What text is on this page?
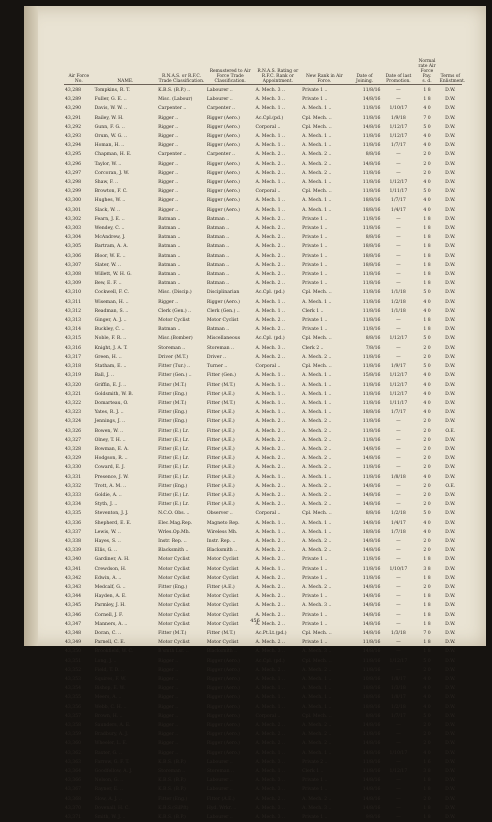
Air Force No.	NAME.	R.N.A.S. or R.F.C. Trade Classification.	Remustered to Air Force Trade Classification.	R.N.A.S. Rating or R.F.C. Rank or Appointment.	New Rank in Air Force.	Date of Joining.	Date of last Promotion.	Normal rate Air Force Pay.
s. d.	Terms of Enlistment.
43,288	Tompkins, R. T.	K.B.S. (B.P.) ..	Labourer ..	A. Mech. 3 ..	Private 1 ..	11/8/16	—	1 8	D.W.
43,289	Fuller, G. E. ..	Misc. (Labour)	Labourer ..	A. Mech. 3 ..	Private 1 ..	14/8/16	—	1 8	D.W.
43,290	Davis, W. W. ..	Carpenter ..	Carpenter ..	A. Mech. 1 ..	A. Mech. 1 ..	11/8/16	1/10/17	4 0	D.W.
43,291	Bailey, W. H.	Rigger ..	Rigger (Aero.)	Ac.Cpl.(pd.)	Cpl. Mech. ..	11/8/16	1/9/18	7 0	D.W.
43,292	Gunn, F. G. ..	Rigger ..	Rigger (Aero.)	Corporal ..	Cpl. Mech. ..	14/8/16	1/12/17	5 0	D.W.
43,293	Orum, W. G. ..	Rigger ..	Rigger (Aero.)	A. Mech. 1 ..	A. Mech. 1 ..	11/8/16	1/12/17	4 0	D.W.
43,294	Homan, H. ..	Rigger ..	Rigger (Aero.)	A. Mech. 1 ..	A. Mech. 1 ..	11/8/16	1/7/17	4 0	D.W.
43,295	Chapman, H. E.	Carpenter ..	Carpenter ..	A. Mech. 2 ..	A. Mech. 2 ..	8/8/16	—	2 0	D.W.
43,296	Taylor, W. ..	Rigger ..	Rigger (Aero.)	A. Mech. 2 ..	A. Mech. 2 ..	14/8/16	—	2 0	D.W.
43,297	Corcoran, J. W.	Rigger ..	Rigger (Aero.)	A. Mech. 2 ..	A. Mech. 2 ..	11/8/16	—	2 0	D.W.
43,298	Shaw, F. ..	Rigger ..	Rigger (Aero.)	A. Mech. 1 ..	A. Mech. 1 ..	11/8/16	1/12/17	4 0	D.W.
43,299	Browton, F. C.	Rigger ..	Rigger (Aero.)	Corporal ..	Cpl. Mech. ..	11/8/16	1/11/17	5 0	D.W.
43,300	Hughes, W. ..	Rigger ..	Rigger (Aero.)	A. Mech. 1 ..	A. Mech. 1 ..	18/8/16	1/7/17	4 0	D.W.
43,301	Slack, W. ..	Rigger ..	Rigger (Aero.)	A. Mech. 1 ..	A. Mech. 1 ..	18/8/16	1/4/17	4 0	D.W.
43,302	Fearn, J. E. ..	Batman ..	Batman ..	A. Mech. 2 ..	Private 1 ..	11/8/16	—	1 8	D.W.
43,303	Wendey, C. ..	Batman ..	Batman ..	A. Mech. 2 ..	Private 1 ..	11/8/16	—	1 8	D.W.
43,304	McAndrew, J.	Batman ..	Batman ..	A. Mech. 2 ..	Private 1 ..	8/8/16	—	1 8	D.W.
43,305	Bartram, A. A.	Batman ..	Batman ..	A. Mech. 2 ..	Private 1 ..	18/8/16	—	1 8	D.W.
43,306	Bloor, W. E. ..	Batman ..	Batman ..	A. Mech. 2 ..	Private 1 ..	18/8/16	—	1 8	D.W.
43,307	Slater, W. ..	Batman ..	Batman ..	A. Mech. 2 ..	Private 1 ..	18/8/16	—	1 8	D.W.
43,308	Willett, W. H. G.	Batman ..	Batman ..	A. Mech. 2 ..	Private 1 ..	11/8/16	—	1 8	D.W.
43,309	Bew, E. F. ..	Batman ..	Batman ..	A. Mech. 2 ..	Private 1 ..	11/8/16	—	1 8	D.W.
43,310	Cockwell, F. C.	Misc. (Discip.)	Disciplinarian	Ac.Cpl. (pd.)	Cpl. Mech. ..	11/8/16	1/1/18	5 0	D.W.
43,311	Wiseman, H. ..	Rigger ..	Rigger (Aero.)	A. Mech. 1 ..	A. Mech. 1 ..	11/8/16	1/2/18	4 0	D.W.
43,312	Readman, S. ..	Clerk (Gen.) ..	Clerk (Gen.) ..	A. Mech. 1 ..	Clerk 1 ..	11/8/16	1/1/18	4 0	D.W.
43,313	Ginger, A. J. ..	Motor Cyclist	Motor Cyclist	A. Mech. 2 ..	Private 1 ..	11/8/16	—	1 8	D.W.
43,314	Buckley, C. ..	Batman ..	Batman ..	A. Mech. 2 ..	Private 1 ..	11/8/16	—	1 8	D.W.
43,315	Noble, F. R. ..	Misc.(Bomber)	Miscellaneous	Ac.Cpl. (pd.)	Cpl. Mech. ..	8/8/16	1/12/17	5 0	D.W.
43,316	Knight, J. A. T.	Storeman ..	Storeman ..	A. Mech. 3 ..	Clerk 2 ..	7/8/16	—	2 0	D.W.
43,317	Green, H. ..	Driver (M.T.)	Driver ..	A. Mech. 2 ..	A. Mech. 2 ..	11/8/16	—	2 0	D.W.
43,318	Statham, E. ..	Fitter (Tur.) ..	Turner ..	Corporal ..	Cpl. Mech. ..	11/8/16	1/9/17	5 0	D.W.
43,319	Ball, J. ..	Fitter (Gen.) ..	Fitter (Gen.)	A. Mech. 1 ..	A. Mech. 1 ..	15/8/16	1/12/17	4 0	D.W.
43,320	Griffin, E. J. ..	Fitter (M.T.)	Fitter (M.T.)	A. Mech. 1 ..	A. Mech. 1 ..	11/8/16	1/12/17	4 0	D.W.
43,321	Goldsmith, W. B.	Fitter (Eng.)	Fitter (A.E.)	A. Mech. 1 ..	A. Mech. 1 ..	11/8/16	1/12/17	4 0	D.W.
43,322	Domarteau, O.	Fitter (M.T.)	Fitter (M.T.)	A. Mech. 1 ..	A. Mech. 1 ..	11/8/16	1/11/17	4 0	D.W.
43,323	Yates, R. J. ..	Fitter (Eng.)	Fitter (A.E.)	A. Mech. 1 ..	A. Mech. 1 ..	18/8/16	1/7/17	4 0	D.W.
43,324	Jennings, J. ..	Fitter (Eng.)	Fitter (A.E.)	A. Mech. 2 ..	A. Mech. 2 ..	11/8/16	—	2 0	D.W.
43,326	Bowen, W. ..	Fitter (E.) Lr.	Fitter (A.E.)	A. Mech. 2 ..	A. Mech. 2 ..	11/8/16	—	2 0	O.E.
43,327	Olney, T. H. ..	Fitter (E.) Lr.	Fitter (A.E.)	A. Mech. 2 ..	A. Mech. 2 ..	11/8/16	—	2 0	D.W.
43,328	Bowman, E. A.	Fitter (E.) Lr.	Fitter (A.E.)	A. Mech. 2 ..	A. Mech. 2 ..	14/8/16	—	2 0	D.W.
43,329	Hodgson, R. ..	Fitter (E.) Lr.	Fitter (A.E.)	A. Mech. 2 ..	A. Mech. 2 ..	14/8/16	—	2 0	D.W.
43,330	Coward, E. J.	Fitter (E.) Lr.	Fitter (A.E.)	A. Mech. 2 ..	A. Mech. 2 ..	11/8/16	—	2 0	D.W.
43,331	Presence, J. W.	Fitter (E.) Lr.	Fitter (A.E.)	A. Mech. 1 ..	A. Mech. 1 ..	11/8/16	1/8/18	4 0	D.W.
43,332	Trott, A. M. ..	Fitter (Eng.)	Fitter (A.E.)	A. Mech. 2 ..	A. Mech. 2 ..	14/8/16	—	2 0	O.E.
43,333	Goldie, A. ..	Fitter (E.) Lr.	Fitter (A.E.)	A. Mech. 2 ..	A. Mech. 2 ..	14/8/16	—	2 0	D.W.
43,334	Styth, J. ..	Fitter (E.) Lr.	Fitter (A.E.)	A. Mech. 2 ..	A. Mech. 2 ..	14/8/16	—	2 0	D.W.
43,335	Steventon, J. J.	N.C.O. Obs. ..	Observer ..	Corporal ..	Cpl. Mech. ..	8/8/16	1/2/18	5 0	D.W.
43,336	Shepherd, E. E.	Elec.Mag.Rep.	Magneto Rep.	A. Mech. 1 ..	A. Mech. 1 ..	14/8/16	1/4/17	4 0	D.W.
43,337	Lewis, W. ..	Wrles.Op.Mh.	Wireless Mh.	A. Mech. 1 ..	A. Mech. 1 ..	18/8/16	1/7/18	4 0	D.W.
43,338	Hayes, S. ..	Instr. Rep. ..	Instr. Rep. ..	A. Mech. 2 ..	A. Mech. 2 ..	14/8/16	—	2 0	D.W.
43,339	Ellis, G. ..	Blacksmith ..	Blacksmith ..	A. Mech. 2 ..	A. Mech. 2 ..	14/8/16	—	2 0	D.W.
43,340	Gardiner, A. H.	Motor Cyclist	Motor Cyclist	A. Mech. 2 ..	Private 1 ..	11/8/16	—	1 8	D.W.
43,341	Crewdson, H.	Motor Cyclist	Motor Cyclist	A. Mech. 1 ..	Private 1 ..	11/8/16	1/10/17	3 8	D.W.
43,342	Edwin, A. ..	Motor Cyclist	Motor Cyclist	A. Mech. 2 ..	Private 1 ..	11/8/16	—	1 8	D.W.
43,343	Medcalf, G. ..	Fitter (Eng.)	Fitter (A.E.)	A. Mech. 2 ..	A. Mech. 2 ..	14/8/16	—	2 0	D.W.
43,344	Hayden, A. E.	Motor Cyclist	Motor Cyclist	A. Mech. 2 ..	Private 1 ..	14/8/16	—	1 8	D.W.
43,345	Parmley, J. H.	Motor Cyclist	Motor Cyclist	A. Mech. 2 ..	A. Mech. 3 ..	14/8/16	—	1 8	D.W.
43,346	Cornell, J. F.	Motor Cyclist	Motor Cyclist	A. Mech. 2 ..	Private 1 ..	14/8/16	—	1 8	D.W.
43,347	Manners, A. ..	Motor Cyclist	Motor Cyclist	A. Mech. 2 ..	Private 1 ..	14/8/16	—	1 8	D.W.
43,348	Doran, C. ..	Fitter (M.T.)	Fitter (M.T.)	Ac.Pt.Lt.(pd.)	Cpl. Mech. ..	14/8/16	1/3/18	7 0	D.W.
43,349	Parnell, C. E.	Motor Cyclist	Motor Cyclist	A. Mech. 2 ..	Private 1 ..	11/8/16	—	1 8	D.W.
43,350	Brookfield, W. C.	B'smth Lsr. ..	Blacksmith ..	A. Mech. 3 ..	A. Mech. 3 ..	14/8/16	—	1 8	D.W.
43,351	Long, J. ..	Rigger ..	Rigger (Aero.)	Ac.Cpl. (pd.)	Cpl. Mech. ..	11/8/16	1/12/17	5 0	D.W.
43,352	Field, T. D. ..	Rigger ..	Rigger (Aero.)	A. Mech. 2 ..	A. Mech. 2 ..	11/8/16	—	2 0	D.W.
43,353	Squires, F. W.	Rigger ..	Rigger (Aero.)	A. Mech. 1 ..	A. Mech. 1 ..	10/8/16	1/8/17	4 0	D.W.
43,354	Bishop, E. W.	Rigger ..	Rigger (Aero.)	A. Mech. 1 ..	A. Mech. 1 ..	18/8/16	1/3/18	4 0	D.W.
43,355	Meers, A. ..	Rigger ..	Rigger (Aero.)	A. Mech. 1 ..	A. Mech. 1 ..	18/8/16	1/8/17	4 0	D.W.
43,356	Webb, C. H. ..	Rigger ..	Rigger (Aero.)	A. Mech. 1 ..	A. Mech. 1 ..	18/8/16	1/2/18	4 0	D.W.
43,357	Brown, H. ..	Rigger ..	Rigger (Aero.)	Corporal ..	Cpl. Mech. ..	8/8/16	1/7/17	5 0	D.W.
43,358	Saunders, A. E.	Rigger ..	Rigger (Aero.)	A. Mech. 2 ..	A. Mech. 2 ..	14/8/16	—	2 0	D.W.
43,359	Bradbury, A. J.	Rigger ..	Rigger (Aero.)	A. Mech. 2 ..	A. Mech. 2 ..	11/8/16	—	2 0	D.W.
43,360	Wheeler, L. E.	Rigger ..	Rigger (Aero.)	A. Mech. 2 ..	A. Mech. 2 ..	14/8/16	—	2 0	D.W.
43,362	Baxter, G. ..	Rigger ..	Rigger (Aero.)	A. Mech. 1 ..	A. Mech. 1 ..	14/8/16	1/10/17	4 0	D.W.
43,363	Farrow, G. F. T.	K.B.S. (B.P.)	Labourer ..	A. Mech. 3 ..	Private 2 ..	11/8/16	—	1 6	D.W.
43,364	Goodfellow, A. J.	Storeman ..	Storeman ..	A. Mech. 1 ..	Clerk 1 ..	11/8/16	1/12/17	3 8	D.W.
43,366	Nelson, G. ..	K.B.S. (B.P.)	Labourer ..	A. Mech. 3 ..	Private 1 ..	14/8/16	—	1 8	D.W.
43,367	Rayner, E. ..	K.B.S. (B.P.)	Labourer ..	A. Mech. 3 ..	Private 1 ..	14/8/16	—	1 8	D.W.
43,368	Slow, A. J. ..	Fitter (Eng.)	Fitter (A.E.)	A. Mech. 2 ..	A. Mech. 2 ..	14/8/16	—	2 0	D.W.
43,370	Dovenall, H. C.	K.B.S.(SilPft)	Hyd. Wrkr. ..	A. Mech. 3 ..	A. Mech. 3 ..	14/8/16	—	1 8	D.W.
43,371	Smith, W. J. ..	K.B.S. (B.P.)	Labourer ..	A. Mech. 3 ..	Private 1 ..	9/8/16	—	1 8	D.W.
456
